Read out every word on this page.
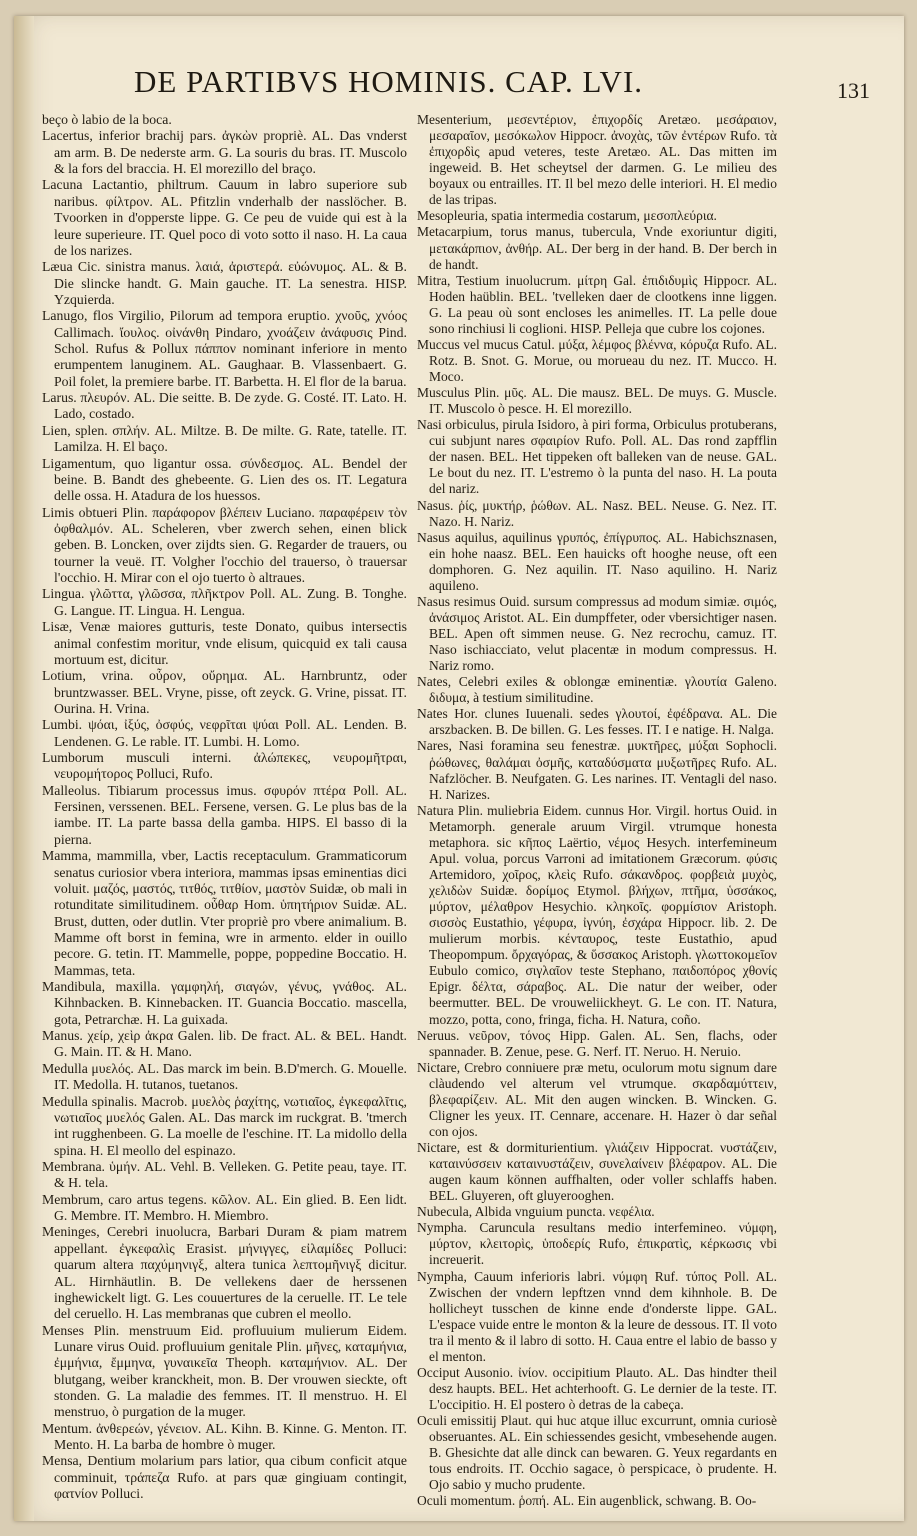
DE PARTIBVS HOMINIS. CAP. LVI.	131
beço ò labio de la boca.
Lacertus, inferior brachij pars. ἀγκὼν propriè. AL. Das vnderst am arm. B. De nederste arm. G. La souris du bras. IT. Muscolo & la fors del braccia. H. El morezillo del braço.
Lacuna Lactantio, philtrum. Cauum in labro superiore sub naribus. φίλτρον. AL. Pfitzlin vnderhalb der nasslöcher. B. Tvoorken in d'opperste lippe. G. Ce peu de vuide qui est à la leure superieure. IT. Quel poco di voto sotto il naso. H. La caua de los narizes.
Læua Cic. sinistra manus. λαιά, ἀριστερά. εὐώνυμος. AL. & B. Die slincke handt. G. Main gauche. IT. La senestra. HISP. Yzquierda.
Lanugo, flos Virgilio, Pilorum ad tempora eruptio. χνοῦς, χνόος Callimach. ἴουλος. οἰνάνθη Pindaro, χνοάζειν ἀνάφυσις Pind. Schol. Rufus & Pollux πάππον nominant inferiore in mento erumpentem lanuginem. AL. Gaughaar. B. Vlassenbaert. G. Poil folet, la premiere barbe. IT. Barbetta. H. El flor de la barua.
Larus. πλευρόν. AL. Die seitte. B. De zyde. G. Costé. IT. Lato. H. Lado, costado.
Lien, splen. σπλήν. AL. Miltze. B. De milte. G. Rate, tatelle. IT. Lamilza. H. El baço.
Ligamentum, quo ligantur ossa. σύνδεσμος. AL. Bendel der beine. B. Bandt des ghebeente. G. Lien des os. IT. Legatura delle ossa. H. Atadura de los huessos.
Limis obtueri Plin. παράφορον βλέπειν Luciano. παραφέρειν τὸν ὀφθαλμόν. AL. Scheleren, vber zwerch sehen, einen blick geben. B. Loncken, over zijdts sien. G. Regarder de trauers, ou tourner la veuë. IT. Volgher l'occhio del trauerso, ò trauersar l'occhio. H. Mirar con el ojo tuerto ò altraues.
Lingua. γλῶττα, γλῶσσα, πλῆκτρον Poll. AL. Zung. B. Tonghe. G. Langue. IT. Lingua. H. Lengua.
Lisæ, Venæ maiores gutturis, teste Donato, quibus intersectis animal confestim moritur, vnde elisum, quicquid ex tali causa mortuum est, dicitur.
Lotium, vrina. οὖρον, οὔρημα. AL. Harnbruntz, oder bruntzwasser. BEL. Vryne, pisse, oft zeyck. G. Vrine, pissat. IT. Ourina. H. Vrina.
Lumbi. ψόαι, ἰξύς, ὀσφύς, νεφρῖται ψύαι Poll. AL. Lenden. B. Lendenen. G. Le rable. IT. Lumbi. H. Lomo.
Lumborum musculi interni. ἀλώπεκες, νευρομῆτραι, νευρομήτορος Polluci, Rufo.
Malleolus. Tibiarum processus imus. σφυρόν πτέρα Poll. AL. Fersinen, verssenen. BEL. Fersene, versen. G. Le plus bas de la iambe. IT. La parte bassa della gamba. HIPS. El basso di la pierna.
Mamma, mammilla, vber, Lactis receptaculum. Grammaticorum senatus curiosior vbera interiora, mammas ipsas eminentias dici voluit. μαζός, μαστός, τιτθός, τιτθίον, μαστὸν Suidæ, ob mali in rotunditate similitudinem. οὖθαρ Hom. ὑπητήριον Suidæ. AL. Brust, dutten, oder dutlin. Vter propriè pro vbere animalium. B. Mamme oft borst in femina, wre in armento. elder in ouillo pecore. G. tetin. IT. Mammelle, poppe, poppedine Boccatio. H. Mammas, teta.
Mandibula, maxilla. γαμφηλή, σιαγών, γένυς, γνάθος. AL. Kihnbacken. B. Kinnebacken. IT. Guancia Boccatio. mascella, gota, Petrarchæ. H. La guixada.
Manus. χείρ, χεὶρ ἀκρα Galen. lib. De fract. AL. & BEL. Handt. G. Main. IT. & H. Mano.
Medulla μυελός. AL. Das marck im bein. B.D'merch. G. Mouelle. IT. Medolla. H. tutanos, tuetanos.
Medulla spinalis. Macrob. μυελὸς ῥαχίτης, νωτιαῖος, ἐγκεφαλῖτις, νωτιαῖος μυελός Galen. AL. Das marck im ruckgrat. B. 'tmerch int rugghenbeen. G. La moelle de l'eschine. IT. La midollo della spina. H. El meollo del espinazo.
Membrana. ὑμήν. AL. Vehl. B. Velleken. G. Petite peau, taye. IT. & H. tela.
Membrum, caro artus tegens. κῶλον. AL. Ein glied. B. Een lidt. G. Membre. IT. Membro. H. Miembro.
Meninges, Cerebri inuolucra, Barbari Duram & piam matrem appellant. ἐγκεφαλὶς Erasist. μήνιγγες, εἰλαμίδες Polluci: quarum altera παχύμηνιγξ, altera tunica λεπτομῆνιγξ dicitur. AL. Hirnhäutlin. B. De vellekens daer de herssenen inghewickelt ligt. G. Les couuertures de la ceruelle. IT. Le tele del ceruello. H. Las membranas que cubren el meollo.
Menses Plin. menstruum Eid. profluuium mulierum Eidem. Lunare virus Ouid. profluuium genitale Plin. μῆνες, καταμήνια, ἐμμήνια, ἔμμηνα, γυναικεῖα Theoph. καταμήνιον. AL. Der blutgang, weiber kranckheit, mon. B. Der vrouwen sieckte, oft stonden. G. La maladie des femmes. IT. Il menstruo. H. El menstruo, ò purgation de la muger.
Mentum. ἀνθερεών, γένειον. AL. Kihn. B. Kinne. G. Menton. IT. Mento. H. La barba de hombre ò muger.
Mensa, Dentium molarium pars latior, qua cibum conficit atque comminuit, τράπεζα Rufo. at pars quæ gingiuam contingit, φατνίον Polluci.
Mesenterium, μεσεντέριον, ἐπιχορδίς Aretæo. μεσάραιον, μεσαραῖον, μεσόκωλον Hippocr. ἀνοχὰς, τῶν ἐντέρων Rufo. τὰ ἐπιχορδὶς apud veteres, teste Aretæo. AL. Das mitten im ingeweid. B. Het scheytsel der darmen. G. Le milieu des boyaux ou entrailles. IT. Il bel mezo delle interiori. H. El medio de las tripas.
Mesopleuria, spatia intermedia costarum, μεσοπλεύρια.
Metacarpium, torus manus, tubercula, Vnde exoriuntur digiti, μετακάρπιον, ἀνθήρ. AL. Der berg in der hand. B. Der berch in de handt.
Mitra, Testium inuolucrum. μίτρη Gal. ἐπιδιδυμὶς Hippocr. AL. Hoden haüblin. BEL. 'tvelleken daer de clootkens inne liggen. G. La peau où sont encloses les animelles. IT. La pelle doue sono rinchiusi li coglioni. HISP. Pelleja que cubre los cojones.
Muccus vel mucus Catul. μύξα, λέμφος βλέννα, κόρυζα Rufo. AL. Rotz. B. Snot. G. Morue, ou morueau du nez. IT. Mucco. H. Moco.
Musculus Plin. μῦς. AL. Die mausz. BEL. De muys. G. Muscle. IT. Muscolo ò pesce. H. El morezillo.
Nasi orbiculus, pirula Isidoro, à piri forma, Orbiculus protuberans, cui subjunt nares σφαιρίον Rufo. Poll. AL. Das rond zapfflin der nasen. BEL. Het tippeken oft balleken van de neuse. GAL. Le bout du nez. IT. L'estremo ò la punta del naso. H. La pouta del nariz.
Nasus. ῥίς, μυκτήρ, ῥώθων. AL. Nasz. BEL. Neuse. G. Nez. IT. Nazo. H. Nariz.
Nasus aquilus, aquilinus γρυπός, ἐπίγρυπος. AL. Habichsznasen, ein hohe naasz. BEL. Een hauicks oft hooghe neuse, oft een domphoren. G. Nez aquilin. IT. Naso aquilino. H. Nariz aquileno.
Nasus resimus Ouid. sursum compressus ad modum simiæ. σιμός, ἀνάσιμος Aristot. AL. Ein dumpffeter, oder vbersichtiger nasen. BEL. Apen oft simmen neuse. G. Nez recrochu, camuz. IT. Naso ischiacciato, velut placentæ in modum compressus. H. Nariz romo.
Nates, Celebri exiles & oblongæ eminentiæ. γλουτία Galeno. διδυμα, à testium similitudine.
Nates Hor. clunes Iuuenali. sedes γλουτοί, ἐφέδρανα. AL. Die arszbacken. B. De billen. G. Les fesses. IT. I e natige. H. Nalga.
Nares, Nasi foramina seu fenestræ. μυκτῆρες, μύξαι Sophocli. ῥώθωνες, θαλάμαι ὀσμῆς, καταδύσματα μυξωτῆρες Rufo. AL. Nafzlöcher. B. Neufgaten. G. Les narines. IT. Ventagli del naso. H. Narizes.
Natura Plin. muliebria Eidem. cunnus Hor. Virgil. hortus Ouid. in Metamorph. generale aruum Virgil. vtrumque honesta metaphora. sic κῆπος Laërtio, νέμος Hesych. interfemineum Apul. volua, porcus Varroni ad imitationem Græcorum. φύσις Artemidoro, χοῖρος, κλεὶς Rufo. σάκανδρος. φορβειὰ μυχὸς, χελιδὼν Suidæ. δορίμος Etymol. βλήχων, πτῆμα, ὑσσάκος, μύρτον, μέλαθρον Hesychio. κληκοῖς. φορμίσιον Aristoph. σισσὸς Eustathio, γέφυρα, ἰγνύη, ἐσχάρα Hippocr. lib. 2. De mulierum morbis. κένταυρος, teste Eustathio, apud Theopompum. ὄρχαγόρας, & ὕσσακος Aristoph. γλωττοκομεῖον Eubulo comico, σιγλαῖον teste Stephano, παιδοπόρος χθονίς Epigr. δέλτα, σάραβος. AL. Die natur der weiber, oder beermutter. BEL. De vrouweliickheyt. G. Le con. IT. Natura, mozzo, potta, cono, fringa, ficha. H. Natura, coño.
Neruus. νεῦρον, τόνος Hipp. Galen. AL. Sen, flachs, oder spannader. B. Zenue, pese. G. Nerf. IT. Neruo. H. Neruio.
Nictare, Crebro conniuere præ metu, oculorum motu signum dare clàudendo vel alterum vel vtrumque. σκαρδαμύττειν, βλεφαρίζειν. AL. Mit den augen wincken. B. Wincken. G. Cligner les yeux. IT. Cennare, accenare. H. Hazer ò dar señal con ojos.
Nictare, est & dormiturientium. γλιάζειν Hippocrat. νυστάζειν, καταινύσσειν καταινυστάζειν, συνελαίνειν βλέφαρον. AL. Die augen kaum können auffhalten, oder voller schlaffs haben. BEL. Gluyeren, oft gluyerooghen.
Nubecula, Albida vnguium puncta. νεφέλια.
Nympha. Caruncula resultans medio interfeminео. νύμφη, μύρτον, κλειτορὶς, ὑποδερίς Rufo, ἐπικρατὶς, κέρκωσις vbi increuerit.
Nympha, Cauum inferioris labri. νύμφη Ruf. τύπος Poll. AL. Zwischen der vndern lepftzen vnnd dem kihnhole. B. De hollicheyt tusschen de kinne ende d'onderste lippe. GAL. L'espace vuide entre le monton & la leure de dessous. IT. Il voto tra il mento & il labro di sotto. H. Caua entre el labio de basso y el menton.
Occiput Ausonio. ἰνίον. occipitium Plauto. AL. Das hindter theil desz haupts. BEL. Het achterhooft. G. Le dernier de la teste. IT. L'occipitio. H. El postero ò detras de la cabeça.
Oculi emissitij Plaut. qui huc atque illuc excurrunt, omnia curiosè obseruantes. AL. Ein schiessendes gesicht, vmbesehende augen. B. Ghesichte dat alle dinck can bewaren. G. Yeux regardants en tous endroits. IT. Occhio sagace, ò perspicace, ò prudente. H. Ojo sabio y mucho prudente.
Oculi momentum. ῥοπή. AL. Ein augenblick, schwang. B. Oo-
